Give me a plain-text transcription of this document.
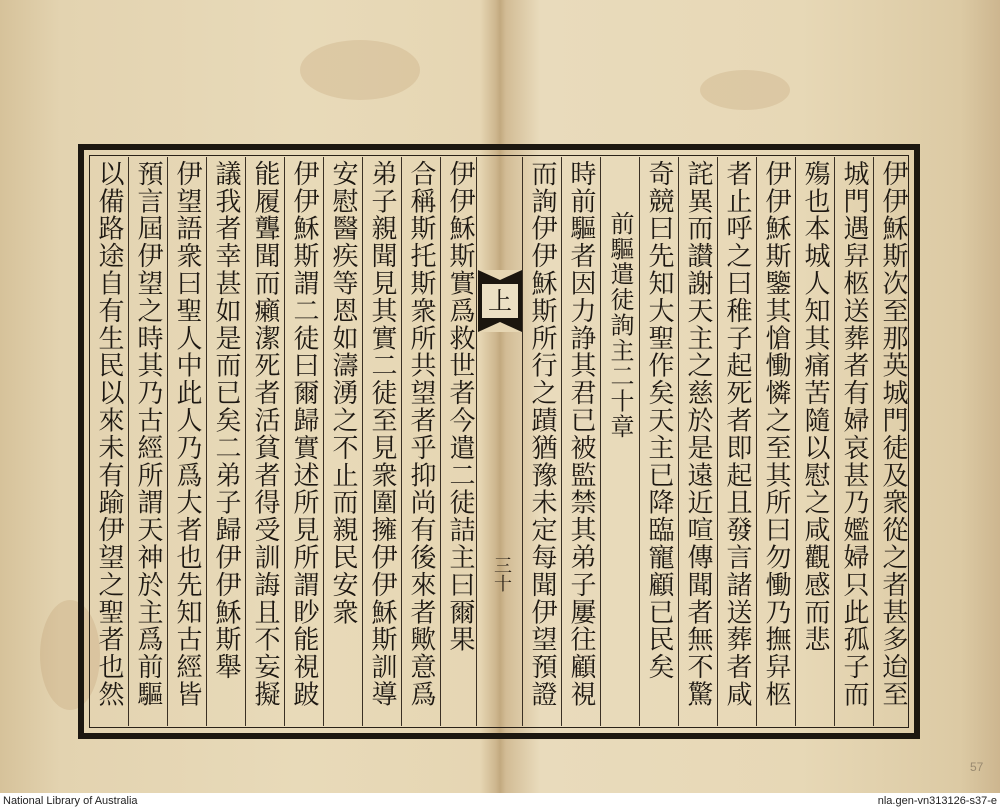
伊伊穌斯次至那英城門徒及衆從之者甚多迨至
城門遇舁柩送葬者有婦哀甚乃㜮婦只此孤子而
殤也本城人知其痛苦隨以慰之咸觀感而悲
伊伊穌斯鑒其愴慟憐之至其所曰勿慟乃撫舁柩
者止呼之曰稚子起死者即起且發言諸送葬者咸
詫異而讃謝天主之慈於是遠近喧傳聞者無不驚
奇競曰先知大聖作矣天主已降臨寵顧已民矣
　　前驅遣徒詢主二十章
時前驅者因力諍其君已被監禁其弟子屢往顧視
而詢伊伊穌斯所行之蹟猶豫未定每聞伊望預證
伊伊穌斯實爲救世者今遣二徒詰主曰爾果
合稱斯托斯衆所共望者乎抑尚有後來者歟意爲
弟子親聞見其實二徒至見衆圍擁伊伊穌斯訓導
安慰醫疾等恩如濤湧之不止而親民安衆
伊伊穌斯謂二徒曰爾歸實述所見所謂眇能視跛
能履聾聞而癩潔死者活貧者得受訓誨且不妄擬
議我者幸甚如是而已矣二弟子歸伊伊穌斯舉
伊望語衆曰聖人中此人乃爲大者也先知古經皆
預言屆伊望之時其乃古經所謂天神於主爲前驅
以備路途自有生民以來未有踰伊望之聖者也然	上
三十
57
National Library of Australia	nla.gen-vn313126-s37-e
